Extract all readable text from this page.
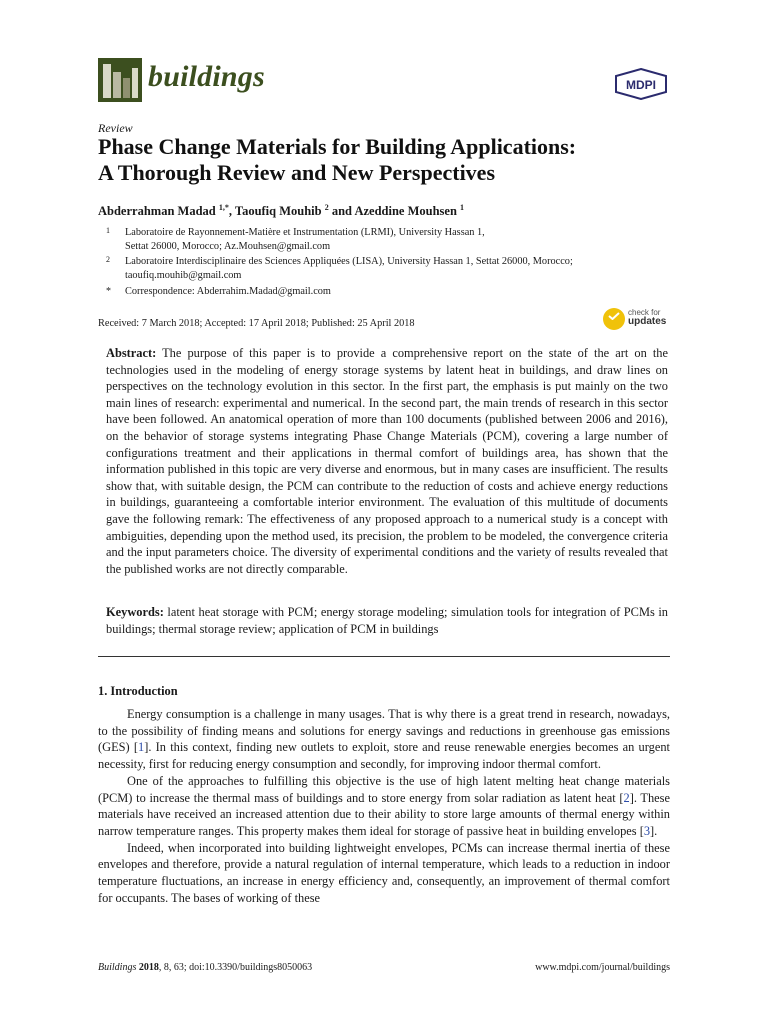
buildings	MDPI
Review
Phase Change Materials for Building Applications:
A Thorough Review and New Perspectives
Abderrahman Madad $^{1,*}$, Taoufiq Mouhib $^2$ and Azeddine Mouhsen $^1$
1 Laboratoire de Rayonnement-Matière et Instrumentation (LRMI), University Hassan 1,
Settat 26000, Morocco; Az.Mouhsen@gmail.com
2 Laboratoire Interdisciplinaire des Sciences Appliquées (LISA), University Hassan 1, Settat 26000, Morocco;
taoufiq.mouhib@gmail.com
* Correspondence: Abderrahim.Madad@gmail.com
Received: 7 March 2018; Accepted: 17 April 2018; Published: 25 April 2018
check for
updates

Abstract: The purpose of this paper is to provide a comprehensive report on the state of the art on the technologies used in the modeling of energy storage systems by latent heat in buildings, and draw lines on perspectives on the technology evolution in this sector. In the first part, the emphasis is put mainly on the two main lines of research: experimental and numerical. In the second part, the main trends of research in this sector have been followed. An anatomical operation of more than 100 documents (published between 2006 and 2016), on the behavior of storage systems integrating Phase Change Materials (PCM), covering a large number of configurations treatment and their applications in thermal comfort of buildings area, has shown that the information published in this topic are very diverse and enormous, but in many cases are insufficient. The results show that, with suitable design, the PCM can contribute to the reduction of costs and achieve energy reductions in buildings, guaranteeing a comfortable interior environment. The evaluation of this multitude of documents gave the following remark: The effectiveness of any proposed approach to a numerical study is a concept with ambiguities, depending upon the method used, its precision, the problem to be modeled, the convergence criteria and the input parameters choice. The diversity of experimental conditions and the variety of results revealed that the published works are not directly comparable.

Keywords: latent heat storage with PCM; energy storage modeling; simulation tools for integration of PCMs in buildings; thermal storage review; application of PCM in buildings

1. Introduction

Energy consumption is a challenge in many usages. That is why there is a great trend in research, nowadays, to the possibility of finding means and solutions for energy savings and reductions in greenhouse gas emissions (GES) [1]. In this context, finding new outlets to exploit, store and reuse renewable energies becomes an urgent necessity, first for reducing energy consumption and secondly, for improving indoor thermal comfort.

One of the approaches to fulfilling this objective is the use of high latent melting heat change materials (PCM) to increase the thermal mass of buildings and to store energy from solar radiation as latent heat [2]. These materials have received an increased attention due to their ability to store large amounts of thermal energy within narrow temperature ranges. This property makes them ideal for storage of passive heat in building envelopes [3].

Indeed, when incorporated into building lightweight envelopes, PCMs can increase thermal inertia of these envelopes and therefore, provide a natural regulation of internal temperature, which leads to a reduction in indoor temperature fluctuations, an increase in energy efficiency and, consequently, an improvement of thermal comfort for occupants. The bases of working of these

Buildings 2018, 8, 63; doi:10.3390/buildings8050063	www.mdpi.com/journal/buildings
